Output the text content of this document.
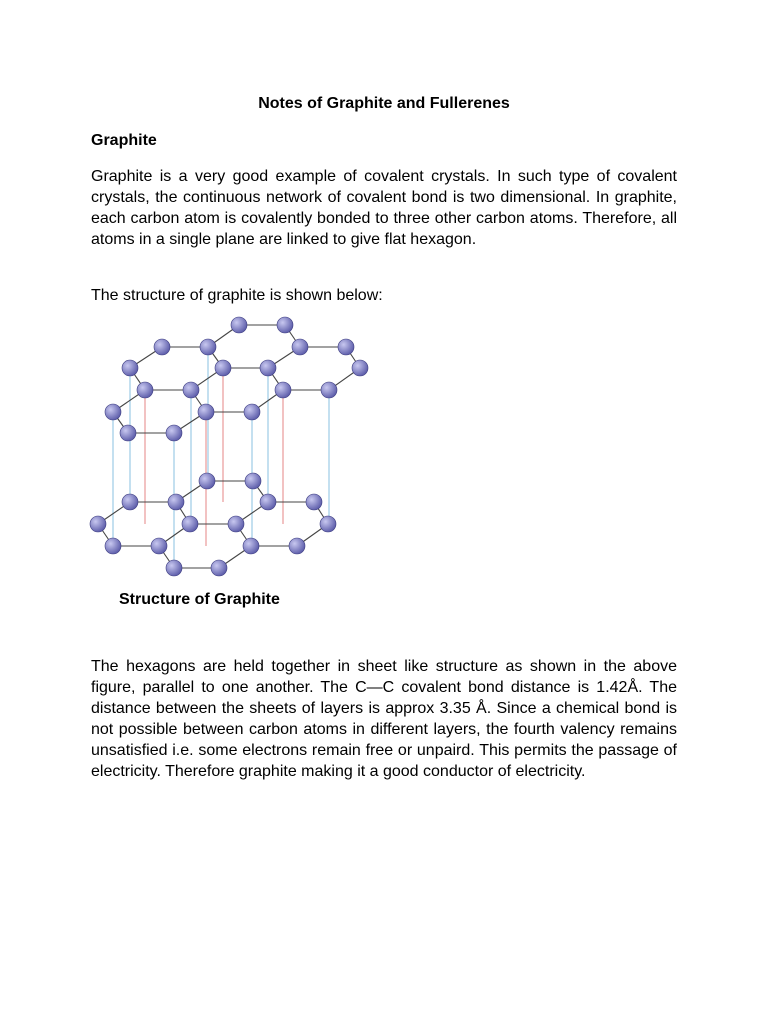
Notes of Graphite and Fullerenes
Graphite

Graphite is a very good example of covalent crystals. In such type of covalent crystals, the continuous network of covalent bond is two dimensional. In graphite, each carbon atom is covalently bonded to three other carbon atoms. Therefore, all atoms in a single plane are linked to give flat hexagon.

The structure of graphite is shown below:

Structure of Graphite

The hexagons are held together in sheet like structure as shown in the above figure, parallel to one another. The C—C covalent bond distance is 1.42Å. The distance between the sheets of layers is approx 3.35 Å. Since a chemical bond is not possible between carbon atoms in different layers, the fourth valency remains unsatisfied i.e. some electrons remain free or unpaird. This permits the passage of electricity. Therefore graphite making it a good conductor of electricity.
